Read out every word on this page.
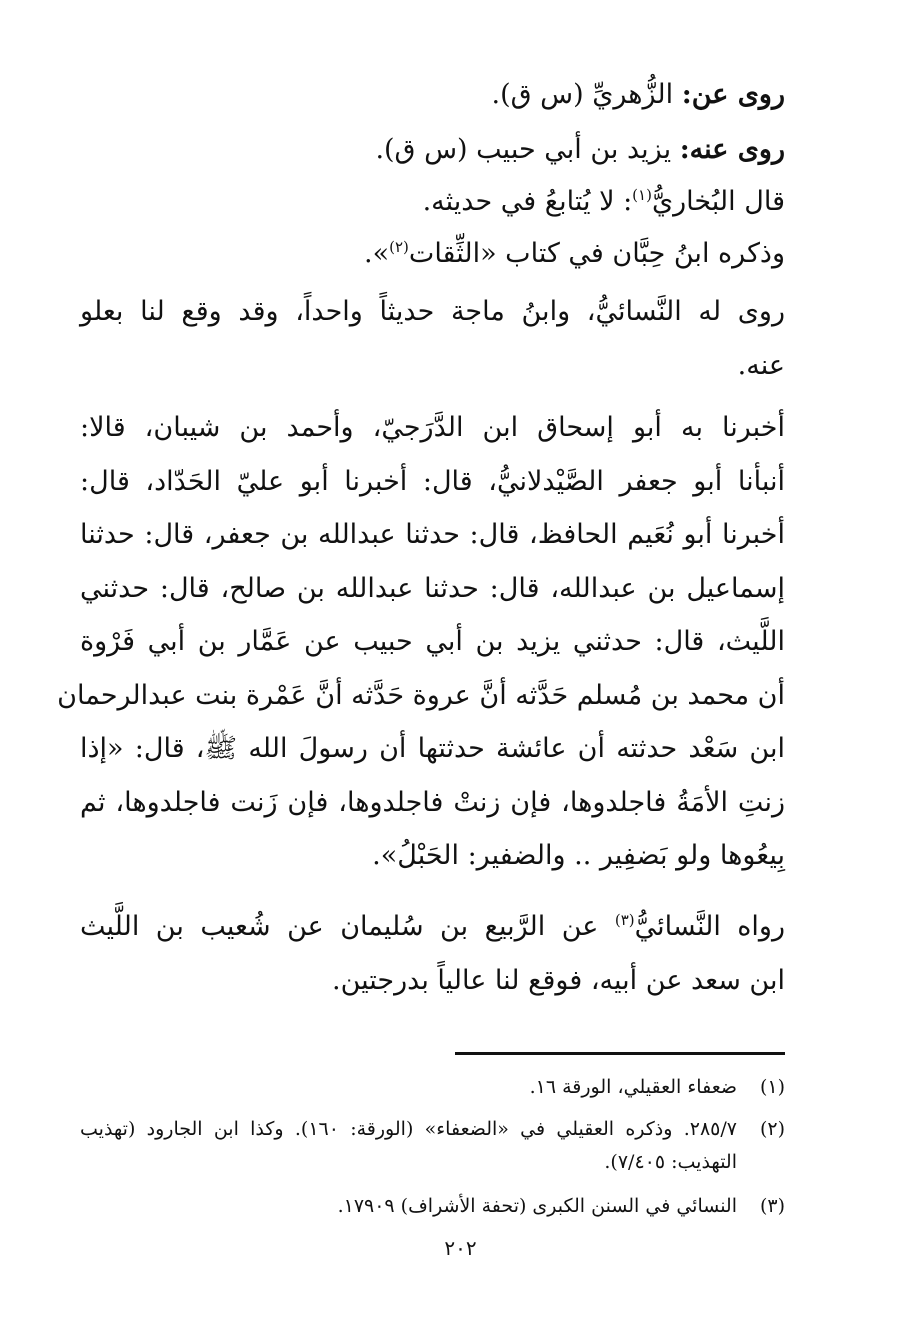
روى عن: الزُّهريِّ (س ق).
روى عنه: يزيد بن أبي حبيب (س ق).
قال البُخاريُّ$^{(١)}$: لا يُتابعُ في حديثه.
وذكره ابنُ حِبَّان في كتاب «الثِّقات$^{(٢)}$».
روى له النَّسائيُّ، وابنُ ماجة حديثاً واحداً، وقد وقع لنا بعلو
عنه.
أخبرنا به أبو إسحاق ابن الدَّرَجيّ، وأحمد بن شيبان، قالا:
أنبأنا أبو جعفر الصَّيْدلانيُّ، قال: أخبرنا أبو عليّ الحَدّاد، قال:
أخبرنا أبو نُعَيم الحافظ، قال: حدثنا عبدالله بن جعفر، قال: حدثنا
إسماعيل بن عبدالله، قال: حدثنا عبدالله بن صالح، قال: حدثني
اللَّيث، قال: حدثني يزيد بن أبي حبيب عن عَمَّار بن أبي فَرْوة
أن محمد بن مُسلم حَدَّثه أنَّ عروة حَدَّثه أنَّ عَمْرة بنت عبدالرحمان
ابن سَعْد حدثته أن عائشة حدثتها أن رسولَ الله ﷺ، قال: «إذا
زنتِ الأمَةُ فاجلدوها، فإن زنتْ فاجلدوها، فإن زَنت فاجلدوها، ثم
بِيعُوها ولو بَضفِير .. والضفير: الحَبْلُ».
رواه النَّسائيُّ$^{(٣)}$ عن الرَّبيع بن سُليمان عن شُعيب بن اللَّيث
ابن سعد عن أبيه، فوقع لنا عالياً بدرجتين.
(١)
ضعفاء العقيلي، الورقة ١٦.
(٢)
٢٨٥/٧. وذكره العقيلي في «الضعفاء» (الورقة: ١٦٠). وكذا ابن الجارود (تهذيب
التهذيب: ٧/٤٠٥).
(٣)
النسائي في السنن الكبرى (تحفة الأشراف) ١٧٩٠٩.
٢٠٢
